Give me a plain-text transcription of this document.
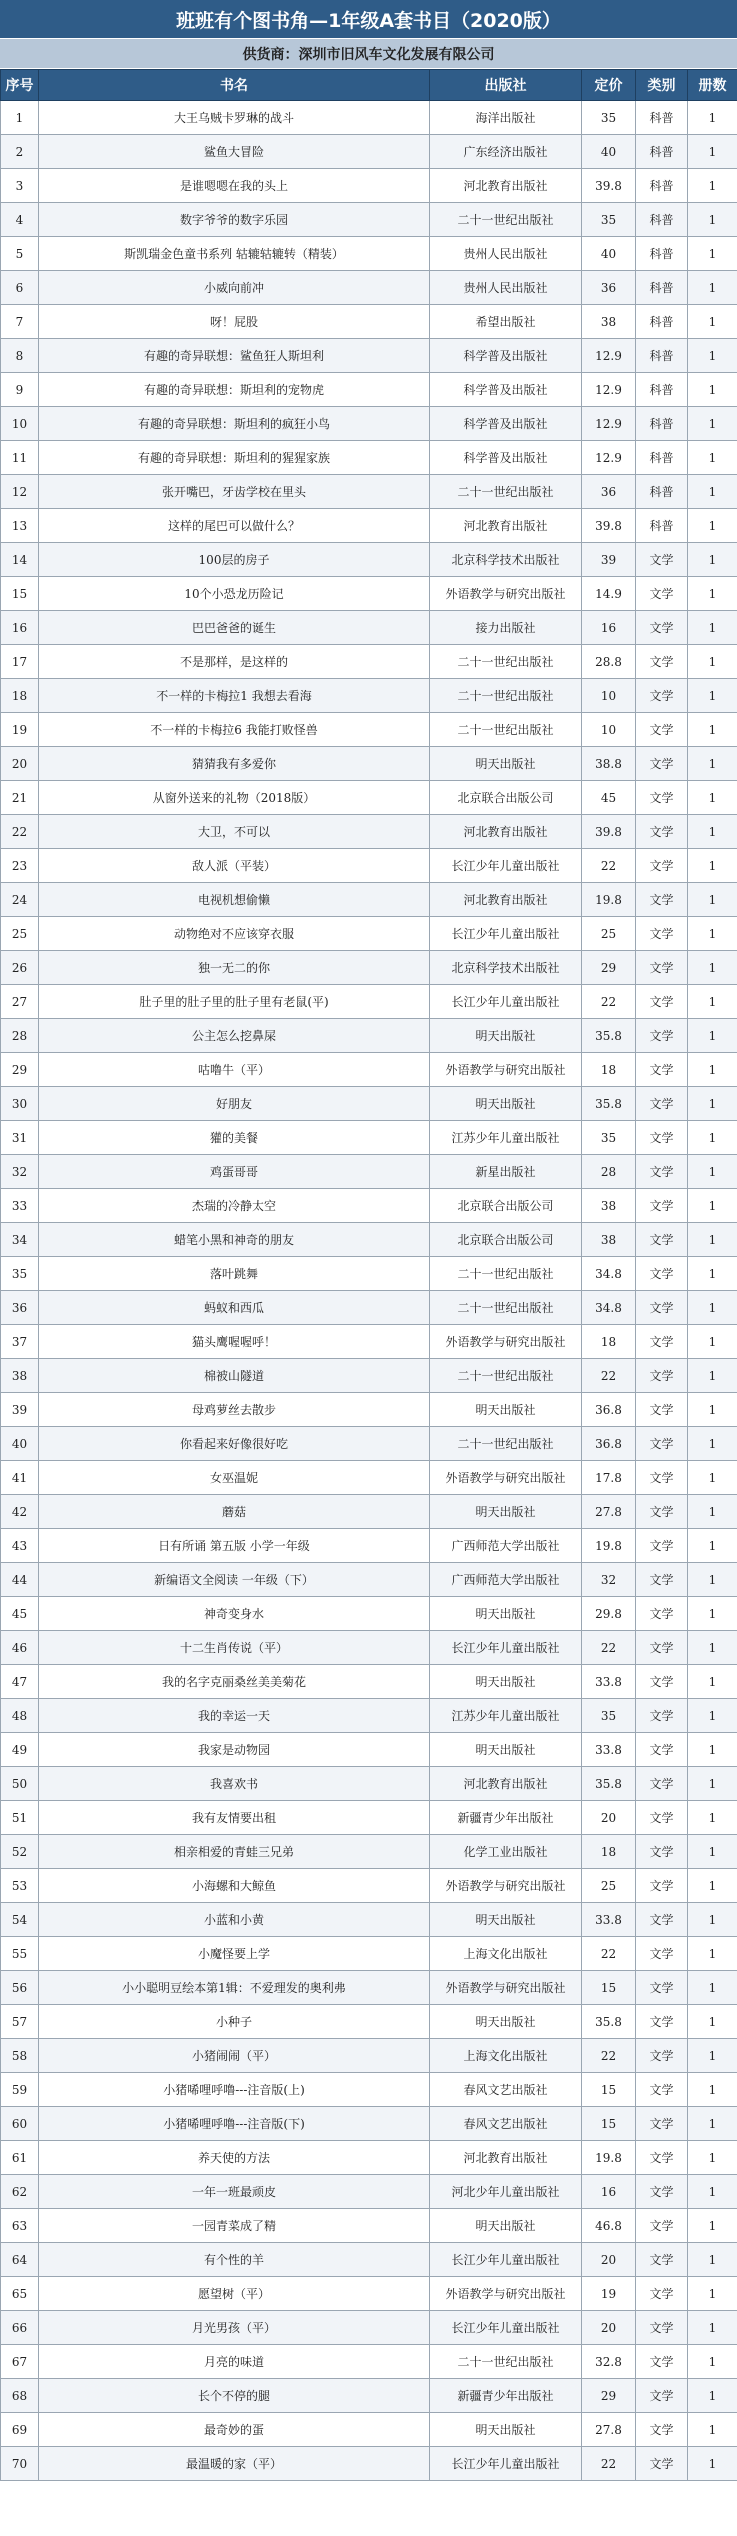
班班有个图书角—1年级A套书目（2020版）
供货商：深圳市旧风车文化发展有限公司
序号	书名	出版社	定价	类别	册数
1	大王乌贼卡罗琳的战斗	海洋出版社	35	科普	1
2	鲨鱼大冒险	广东经济出版社	40	科普	1
3	是谁嗯嗯在我的头上	河北教育出版社	39.8	科普	1
4	数字爷爷的数字乐园	二十一世纪出版社	35	科普	1
5	斯凯瑞金色童书系列 轱辘轱辘转（精装）	贵州人民出版社	40	科普	1
6	小威向前冲	贵州人民出版社	36	科普	1
7	呀！屁股	希望出版社	38	科普	1
8	有趣的奇异联想：鲨鱼狂人斯坦利	科学普及出版社	12.9	科普	1
9	有趣的奇异联想：斯坦利的宠物虎	科学普及出版社	12.9	科普	1
10	有趣的奇异联想：斯坦利的疯狂小鸟	科学普及出版社	12.9	科普	1
11	有趣的奇异联想：斯坦利的猩猩家族	科学普及出版社	12.9	科普	1
12	张开嘴巴，牙齿学校在里头	二十一世纪出版社	36	科普	1
13	这样的尾巴可以做什么？	河北教育出版社	39.8	科普	1
14	100层的房子	北京科学技术出版社	39	文学	1
15	10个小恐龙历险记	外语教学与研究出版社	14.9	文学	1
16	巴巴爸爸的诞生	接力出版社	16	文学	1
17	不是那样，是这样的	二十一世纪出版社	28.8	文学	1
18	不一样的卡梅拉1 我想去看海	二十一世纪出版社	10	文学	1
19	不一样的卡梅拉6 我能打败怪兽	二十一世纪出版社	10	文学	1
20	猜猜我有多爱你	明天出版社	38.8	文学	1
21	从窗外送来的礼物（2018版）	北京联合出版公司	45	文学	1
22	大卫，不可以	河北教育出版社	39.8	文学	1
23	敌人派（平装）	长江少年儿童出版社	22	文学	1
24	电视机想偷懒	河北教育出版社	19.8	文学	1
25	动物绝对不应该穿衣服	长江少年儿童出版社	25	文学	1
26	独一无二的你	北京科学技术出版社	29	文学	1
27	肚子里的肚子里的肚子里有老鼠(平)	长江少年儿童出版社	22	文学	1
28	公主怎么挖鼻屎	明天出版社	35.8	文学	1
29	咕噜牛（平）	外语教学与研究出版社	18	文学	1
30	好朋友	明天出版社	35.8	文学	1
31	獾的美餐	江苏少年儿童出版社	35	文学	1
32	鸡蛋哥哥	新星出版社	28	文学	1
33	杰瑞的冷静太空	北京联合出版公司	38	文学	1
34	蜡笔小黑和神奇的朋友	北京联合出版公司	38	文学	1
35	落叶跳舞	二十一世纪出版社	34.8	文学	1
36	蚂蚁和西瓜	二十一世纪出版社	34.8	文学	1
37	猫头鹰喔喔呼！	外语教学与研究出版社	18	文学	1
38	棉被山隧道	二十一世纪出版社	22	文学	1
39	母鸡萝丝去散步	明天出版社	36.8	文学	1
40	你看起来好像很好吃	二十一世纪出版社	36.8	文学	1
41	女巫温妮	外语教学与研究出版社	17.8	文学	1
42	蘑菇	明天出版社	27.8	文学	1
43	日有所诵 第五版 小学一年级	广西师范大学出版社	19.8	文学	1
44	新编语文全阅读 一年级（下）	广西师范大学出版社	32	文学	1
45	神奇变身水	明天出版社	29.8	文学	1
46	十二生肖传说（平）	长江少年儿童出版社	22	文学	1
47	我的名字克丽桑丝美美菊花	明天出版社	33.8	文学	1
48	我的幸运一天	江苏少年儿童出版社	35	文学	1
49	我家是动物园	明天出版社	33.8	文学	1
50	我喜欢书	河北教育出版社	35.8	文学	1
51	我有友情要出租	新疆青少年出版社	20	文学	1
52	相亲相爱的青蛙三兄弟	化学工业出版社	18	文学	1
53	小海螺和大鲸鱼	外语教学与研究出版社	25	文学	1
54	小蓝和小黄	明天出版社	33.8	文学	1
55	小魔怪要上学	上海文化出版社	22	文学	1
56	小小聪明豆绘本第1辑：不爱理发的奥利弗	外语教学与研究出版社	15	文学	1
57	小种子	明天出版社	35.8	文学	1
58	小猪闹闹（平）	上海文化出版社	22	文学	1
59	小猪唏哩呼噜---注音版(上)	春风文艺出版社	15	文学	1
60	小猪唏哩呼噜---注音版(下)	春风文艺出版社	15	文学	1
61	养天使的方法	河北教育出版社	19.8	文学	1
62	一年一班最顽皮	河北少年儿童出版社	16	文学	1
63	一园青菜成了精	明天出版社	46.8	文学	1
64	有个性的羊	长江少年儿童出版社	20	文学	1
65	愿望树（平）	外语教学与研究出版社	19	文学	1
66	月光男孩（平）	长江少年儿童出版社	20	文学	1
67	月亮的味道	二十一世纪出版社	32.8	文学	1
68	长个不停的腿	新疆青少年出版社	29	文学	1
69	最奇妙的蛋	明天出版社	27.8	文学	1
70	最温暖的家（平）	长江少年儿童出版社	22	文学	1
